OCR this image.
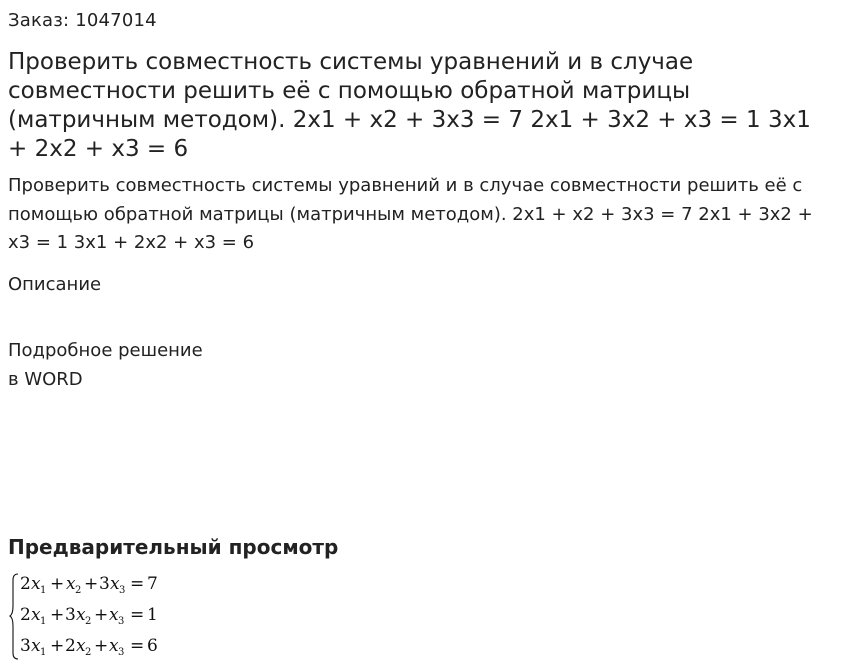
Заказ: 1047014
Проверить совместность системы уравнений и в случае совместности решить её с помощью обратной матрицы (матричным методом). 2x1 + x2 + 3x3 = 7 2x1 + 3x2 + x3 = 1 3x1 + 2x2 + x3 = 6
Проверить совместность системы уравнений и в случае совместности решить её с помощью обратной матрицы (матричным методом). 2x1 + x2 + 3x3 = 7 2x1 + 3x2 + x3 = 1 3x1 + 2x2 + x3 = 6
Описание
Подробное решение
в WORD
Предварительный просмотр
2 x 1 + x 2 + 3 x 3 = 7
2 x 1 + 3 x 2 + x 3 = 1
3 x 1 + 2 x 2 + x 3 = 6
